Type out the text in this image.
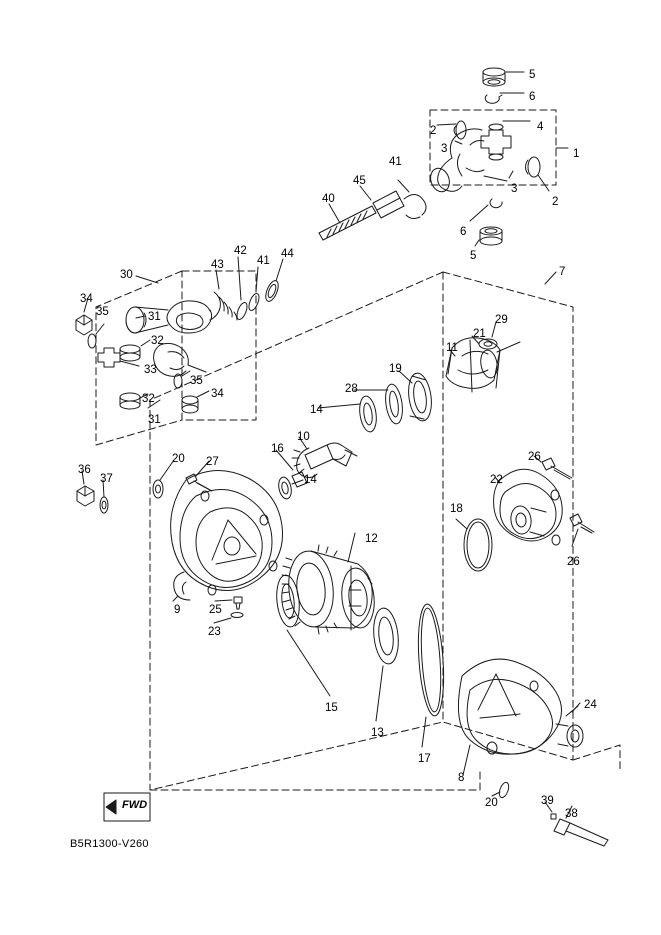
FWD
B5R1300-V260
5
6
2	4
3	1
3
2
41
45
40
6
5
44
41
42
43
30	7
34
35	31	29
21
32
11
33	19
28
35
34
32
14
31
16
10
20 27	26
14
36
37	22
18
26
12
9 25
23
15
13
17
8
24
20	39
38
